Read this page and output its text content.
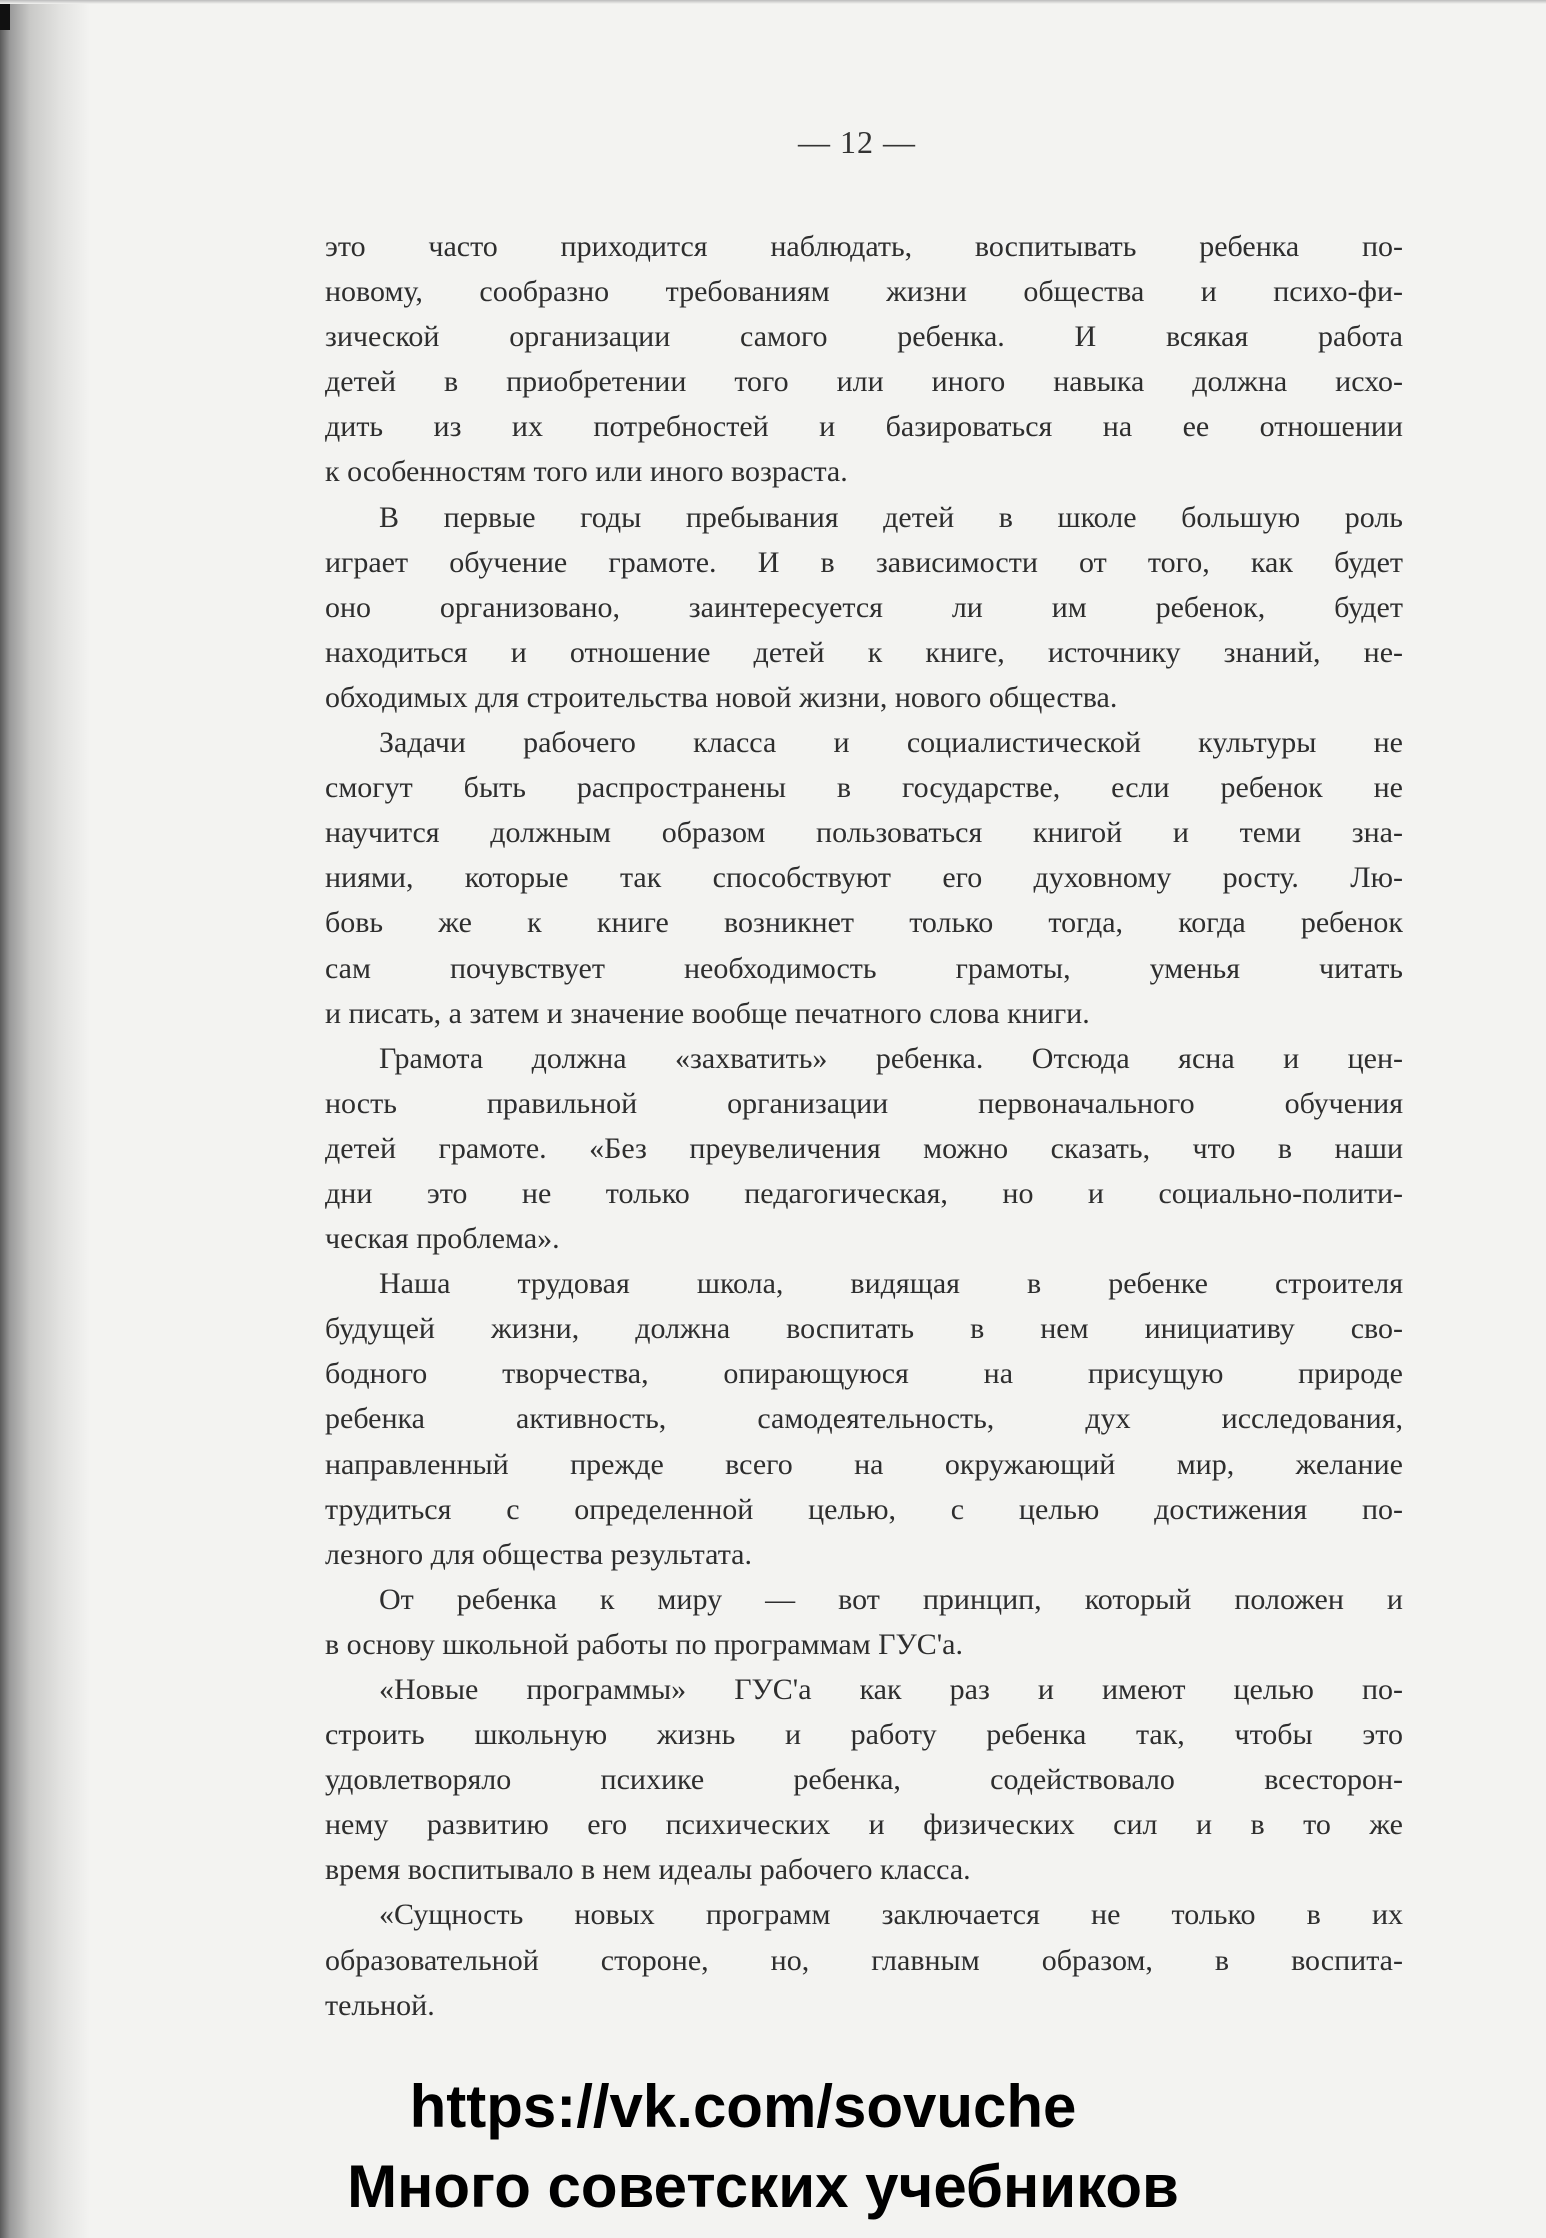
— 12 —
это часто приходится наблюдать, воспитывать ребенка по-
новому, сообразно требованиям жизни общества и психо-фи-
зической организации самого ребенка. И всякая работа
детей в приобретении того или иного навыка должна исхо-
дить из их потребностей и базироваться на ее отношении
к особенностям того или иного возраста.
В первые годы пребывания детей в школе большую роль
играет обучение грамоте. И в зависимости от того, как будет
оно организовано, заинтересуется ли им ребенок, будет
находиться и отношение детей к книге, источнику знаний, не-
обходимых для строительства новой жизни, нового общества.
Задачи рабочего класса и социалистической культуры не
смогут быть распространены в государстве, если ребенок не
научится должным образом пользоваться книгой и теми зна-
ниями, которые так способствуют его духовному росту. Лю-
бовь же к книге возникнет только тогда, когда ребенок
сам почувствует необходимость грамоты, уменья читать
и писать, а затем и значение вообще печатного слова книги.
Грамота должна «захватить» ребенка. Отсюда ясна и цен-
ность правильной организации первоначального обучения
детей грамоте. «Без преувеличения можно сказать, что в наши
дни это не только педагогическая, но и социально-полити-
ческая проблема».
Наша трудовая школа, видящая в ребенке строителя
будущей жизни, должна воспитать в нем инициативу сво-
бодного творчества, опирающуюся на присущую природе
ребенка активность, самодеятельность, дух исследования,
направленный прежде всего на окружающий мир, желание
трудиться с определенной целью, с целью достижения по-
лезного для общества результата.
От ребенка к миру — вот принцип, который положен и
в основу школьной работы по программам ГУС'а.
«Новые программы» ГУС'а как раз и имеют целью по-
строить школьную жизнь и работу ребенка так, чтобы это
удовлетворяло психике ребенка, содействовало всесторон-
нему развитию его психических и физических сил и в то же
время воспитывало в нем идеалы рабочего класса.
«Сущность новых программ заключается не только в их
образовательной стороне, но, главным образом, в воспита-
тельной.
https://vk.com/sovuche
Много советских учебников
